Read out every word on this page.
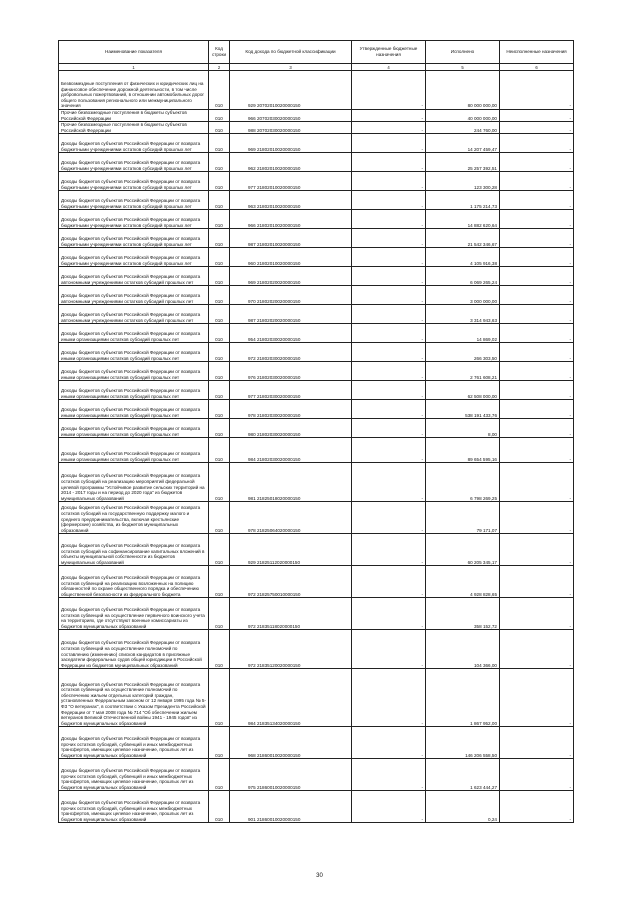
Наименование показателя	Код строки	Код дохода по бюджетной классификации	Утвержденные бюджетные назначения	Исполнено	Неисполненные назначения
1	2	3	4	5	6
Безвозмездные поступления от физических и юридических лиц на финансовое обеспечение дорожной деятельности, в том числе добровольных пожертвований, в отношении автомобильных дорог общего пользования регионального или межмуниципального значения	010	929 20702010020000150	-	80 000 000,00	-
Прочие безвозмездные поступления в бюджеты субъектов Российской Федерации	010	966 20702030020000150	-	40 000 000,00	-
Прочие безвозмездные поступления в бюджеты субъектов Российской Федерации	010	988 20702030020000150	-	244 760,00	-
Доходы бюджетов субъектов Российской Федерации от возврата бюджетными учреждениями остатков субсидий прошлых лет	010	969 21802010020000150	-	14 207 459,47	-
Доходы бюджетов субъектов Российской Федерации от возврата бюджетными учреждениями остатков субсидий прошлых лет	010	962 21802010020000150	-	25 257 392,51	-
Доходы бюджетов субъектов Российской Федерации от возврата бюджетными учреждениями остатков субсидий прошлых лет	010	977 21802010020000150	-	123 300,28	-
Доходы бюджетов субъектов Российской Федерации от возврата бюджетными учреждениями остатков субсидий прошлых лет	010	963 21802010020000150	-	1 175 214,73	-
Доходы бюджетов субъектов Российской Федерации от возврата бюджетными учреждениями остатков субсидий прошлых лет	010	966 21802010020000150	-	14 882 620,64	-
Доходы бюджетов субъектов Российской Федерации от возврата бюджетными учреждениями остатков субсидий прошлых лет	010	987 21802010020000150	-	21 542 346,67	-
Доходы бюджетов субъектов Российской Федерации от возврата бюджетными учреждениями остатков субсидий прошлых лет	010	960 21802010020000150	-	4 105 916,38	-
Доходы бюджетов субъектов Российской Федерации от возврата автономными учреждениями остатков субсидий прошлых лет	010	969 21802020020000150	-	6 069 265,24	-
Доходы бюджетов субъектов Российской Федерации от возврата автономными учреждениями остатков субсидий прошлых лет	010	970 21802020020000150	-	3 000 000,00	-
Доходы бюджетов субъектов Российской Федерации от возврата автономными учреждениями остатков субсидий прошлых лет	010	987 21802020020000150	-	3 314 943,63	-
Доходы бюджетов субъектов Российской Федерации от возврата иными организациями остатков субсидий прошлых лет	010	954 21802030020000150	-	14 869,02	-
Доходы бюджетов субъектов Российской Федерации от возврата иными организациями остатков субсидий прошлых лет	010	972 21802030020000150	-	266 303,50	-
Доходы бюджетов субъектов Российской Федерации от возврата иными организациями остатков субсидий прошлых лет	010	976 21802030020000150	-	2 761 608,21	-
Доходы бюджетов субъектов Российской Федерации от возврата иными организациями остатков субсидий прошлых лет	010	977 21802030020000150	-	62 508 000,00	-
Доходы бюджетов субъектов Российской Федерации от возврата иными организациями остатков субсидий прошлых лет	010	978 21802030020000150	-	538 191 433,76	-
Доходы бюджетов субъектов Российской Федерации от возврата иными организациями остатков субсидий прошлых лет	010	980 21802030020000150	-	8,00	-
Доходы бюджетов субъектов Российской Федерации от возврата иными организациями остатков субсидий прошлых лет	010	984 21802030020000150	-	89 654 595,16	-
Доходы бюджетов субъектов Российской Федерации от возврата остатков субсидий на реализацию мероприятий федеральной целевой программы "Устойчивое развитие сельских территорий на 2014 - 2017 годы и на период до 2020 года" из бюджетов муниципальных образований	010	981 21825018020000150	-	6 798 269,25	-
Доходы бюджетов субъектов Российской Федерации от возврата остатков субсидий на государственную поддержку малого и среднего предпринимательства, включая крестьянские (фермерские) хозяйства, из бюджетов муниципальных образований	010	978 21825064020000150	-	79 171,07	-
Доходы бюджетов субъектов Российской Федерации от возврата остатков субсидий на софинансирование капитальных вложений в объекты муниципальной собственности из бюджетов муниципальных образований	010	929 21825112020000150	-	60 205 345,17	-
Доходы бюджетов субъектов Российской Федерации от возврата остатков субвенций на реализацию возложенных на полицию обязанностей по охране общественного порядка и обеспечению общественной безопасности из федерального бюджета	010	972 21825750010000150	-	4 928 828,65	-
Доходы бюджетов субъектов Российской Федерации от возврата остатков субвенций на осуществление первичного воинского учета на территориях, где отсутствуют военные комиссариаты из бюджетов муниципальных образований	010	972 21835118020000150	-	358 152,72	-
Доходы бюджетов субъектов Российской Федерации от возврата остатков субвенций на осуществление полномочий по составлению (изменению) списков кандидатов в присяжные заседатели федеральных судов общей юрисдикции в Российской Федерации из бюджетов муниципальных образований	010	972 21835120020000150	-	104 366,00	-
Доходы бюджетов субъектов Российской Федерации от возврата остатков субвенций на осуществление полномочий по обеспечению жильем отдельных категорий граждан, установленных Федеральным законом от 12 января 1995 года № 5-ФЗ "О ветеранах", в соответствии с Указом Президента Российской Федерации от 7 мая 2008 года № 714 "Об обеспечении жильем ветеранов Великой Отечественной войны 1941 - 1945 годов" из бюджетов муниципальных образований	010	984 21835134020000150	-	1 867 952,00	-
Доходы бюджетов субъектов Российской Федерации от возврата прочих остатков субсидий, субвенций и иных межбюджетных трансфертов, имеющих целевое назначение, прошлых лет из бюджетов муниципальных образований	010	968 21860010020000150	-	146 206 558,50	-
Доходы бюджетов субъектов Российской Федерации от возврата прочих остатков субсидий, субвенций и иных межбюджетных трансфертов, имеющих целевое назначение, прошлых лет из бюджетов муниципальных образований	010	975 21860010020000150	-	1 623 444,27	-
Доходы бюджетов субъектов Российской Федерации от возврата прочих остатков субсидий, субвенций и иных межбюджетных трансфертов, имеющих целевое назначение, прошлых лет из бюджетов муниципальных образований	010	901 21860010020000150	-	0,24	-
30
